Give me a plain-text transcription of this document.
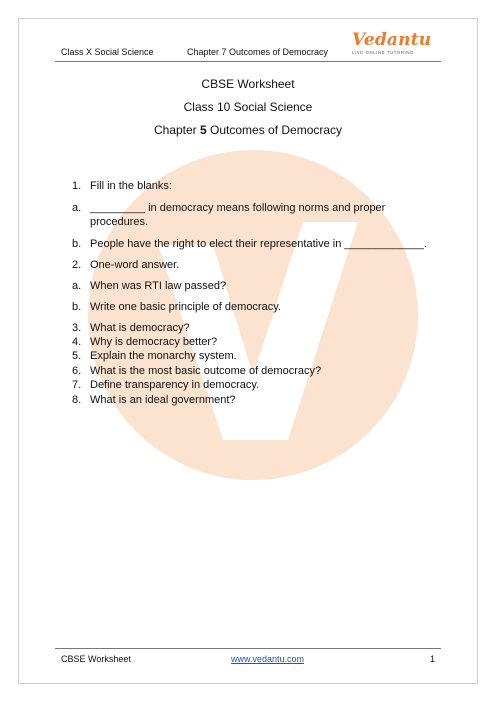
Class X Social Science	Chapter 7 Outcomes of Democracy
Vedantu
LIVE ONLINE TUTORING
CBSE Worksheet
Class 10 Social Science
Chapter 5 Outcomes of Democracy
1. Fill in the blanks:
a. _________ in democracy means following norms and proper procedures.
b. People have the right to elect their representative in _____________.
2. One-word answer.
a. When was RTI law passed?
b. Write one basic principle of democracy.
3. What is democracy?
4. Why is democracy better?
5. Explain the monarchy system.
6. What is the most basic outcome of democracy?
7. Define transparency in democracy.
8. What is an ideal government?
CBSE Worksheet	www.vedantu.com	1
